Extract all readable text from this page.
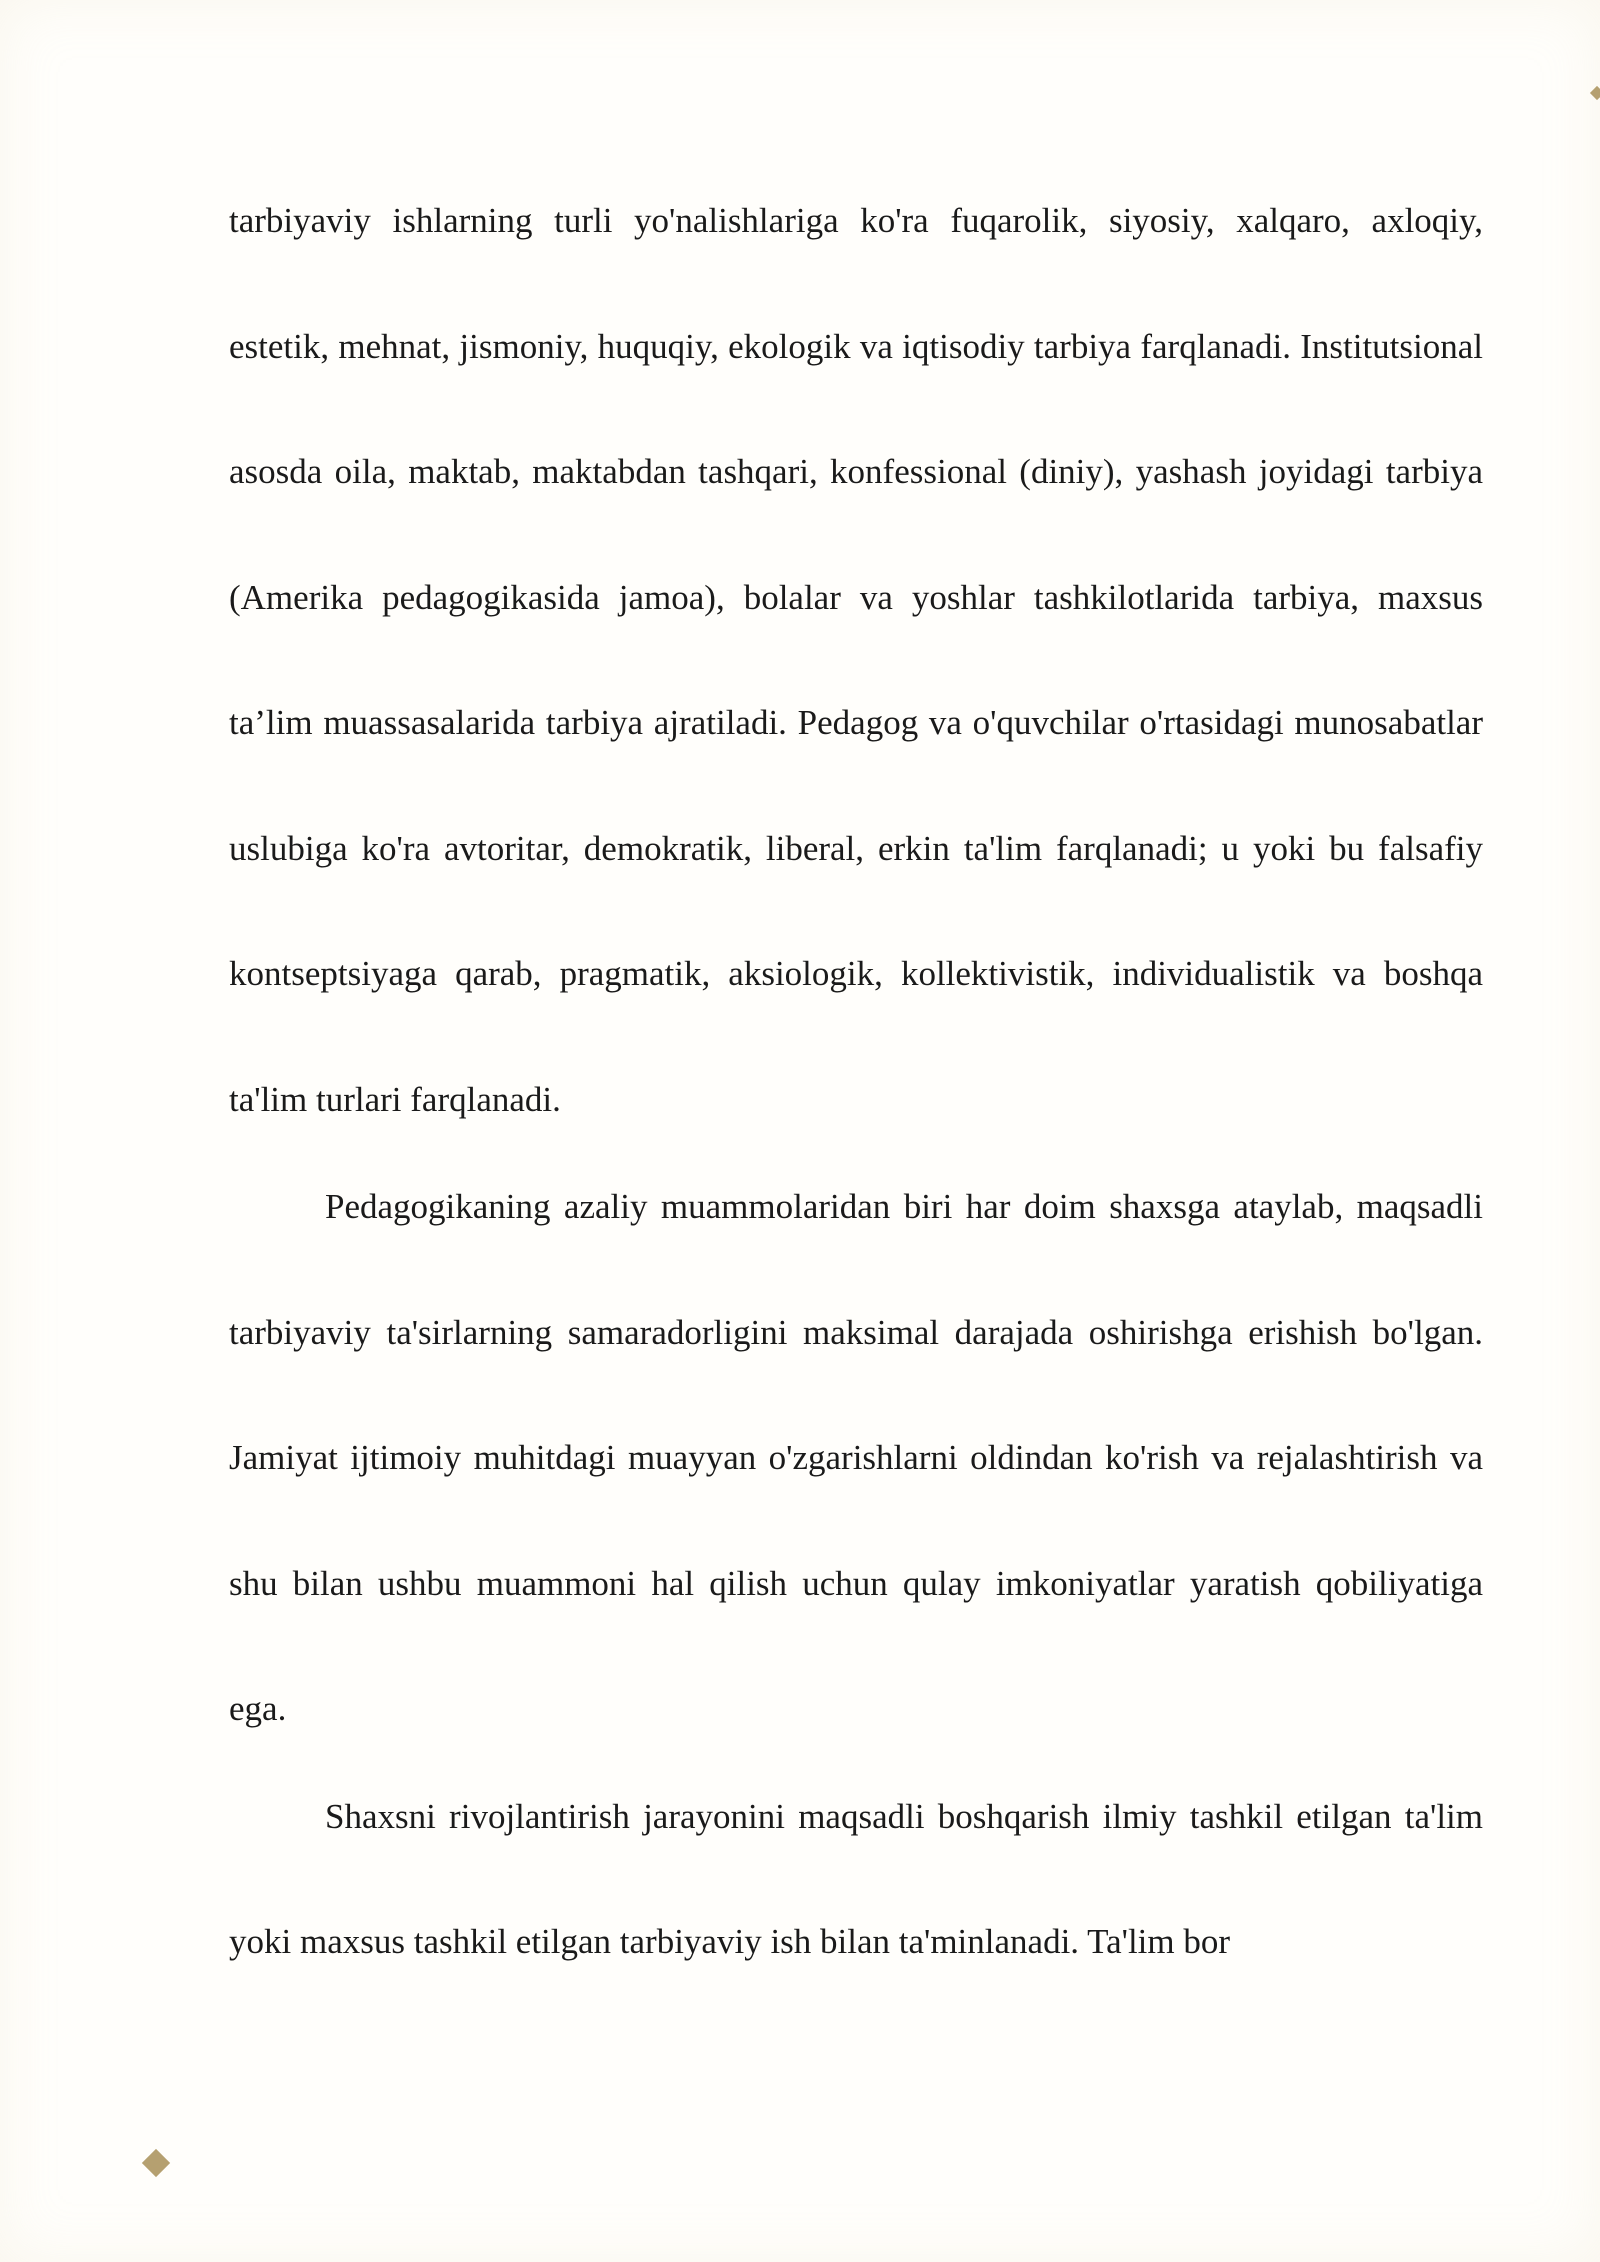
tarbiyaviy ishlarning turli yo'nalishlariga ko'ra fuqarolik, siyosiy, xalqaro, axloqiy, estetik, mehnat, jismoniy, huquqiy, ekologik va iqtisodiy tarbiya farqlanadi. Institutsional asosda oila, maktab, maktabdan tashqari, konfessional (diniy), yashash joyidagi tarbiya (Amerika pedagogikasida jamoa), bolalar va yoshlar tashkilotlarida tarbiya, maxsus ta’lim muassasalarida tarbiya ajratiladi. Pedagog va o'quvchilar o'rtasidagi munosabatlar uslubiga ko'ra avtoritar, demokratik, liberal, erkin ta'lim farqlanadi; u yoki bu falsafiy kontseptsiyaga qarab, pragmatik, aksiologik, kollektivistik, individualistik va boshqa ta'lim turlari farqlanadi.

Pedagogikaning azaliy muammolaridan biri har doim shaxsga ataylab, maqsadli tarbiyaviy ta'sirlarning samaradorligini maksimal darajada oshirishga erishish bo'lgan. Jamiyat ijtimoiy muhitdagi muayyan o'zgarishlarni oldindan ko'rish va rejalashtirish va shu bilan ushbu muammoni hal qilish uchun qulay imkoniyatlar yaratish qobiliyatiga ega.

Shaxsni rivojlantirish jarayonini maqsadli boshqarish ilmiy tashkil etilgan ta'lim yoki maxsus tashkil etilgan tarbiyaviy ish bilan ta'minlanadi. Ta'lim bor
